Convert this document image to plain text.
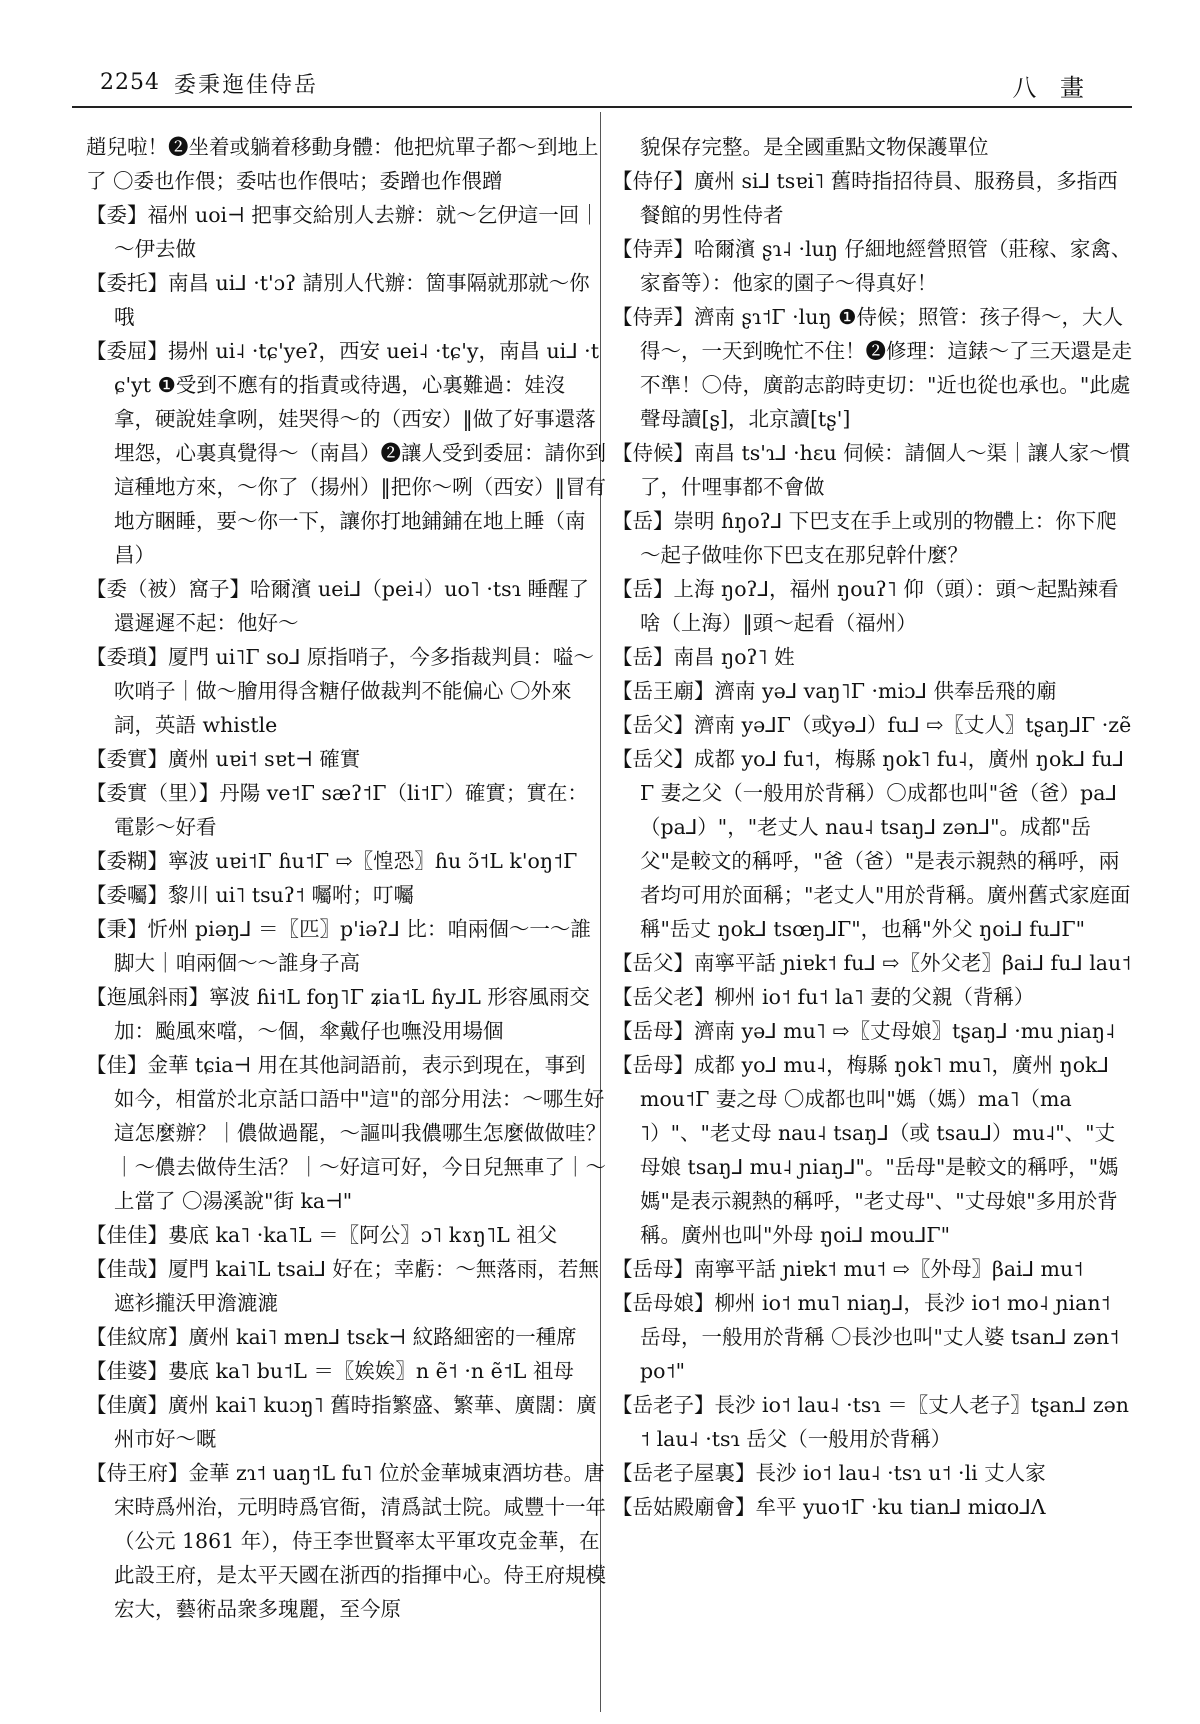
2254 委秉迤佳侍岳	八 畫

趙兒啦！❷坐着或躺着移動身體：他把炕單子都～到地上了 〇委也作偎；委咕也作偎咕；委蹭也作偎蹭

【委】福州 uoi⊣ 把事交給別人去辦：就～乞伊這一回｜～伊去做

【委托】南昌 ui⅃ ·t'ɔʔ 請別人代辦：箇事隔就那就～你哦

【委屈】揚州 ui˨ ·tɕ'yeʔ，西安 uei˨ ·tɕ'y，南昌 ui⅃ ·tɕ'yt ❶受到不應有的指責或待遇，心裏難過：娃沒拿，硬說娃拿咧，娃哭得～的（西安）‖做了好事還落埋怨，心裏真覺得～（南昌）❷讓人受到委屈：請你到這種地方來，～你了（揚州）‖把你～咧（西安）‖冒有地方睏睡，要～你一下，讓你打地鋪鋪在地上睡（南昌）

【委（被）窩子】哈爾濱 uei⅃（pei˨）uo˥ ·tsɿ 睡醒了還遲遲不起：他好～

【委瑣】厦門 ui˥Γ so⅃ 原指哨子，今多指裁判員：嗌～吹哨子｜做～膾用得含糖仔做裁判不能偏心 〇外來詞，英語 whistle

【委實】廣州 uɐi˦ sɐt⊣ 確實

【委實（里）】丹陽 ve˦Γ sæʔ˦Γ（li˦Γ）確實；實在：電影～好看

【委糊】寧波 uɐi˦Γ ɦu˦Γ ⇨〖惶恐〗ɦu ɔ̃˦L k'oŋ˦Γ

【委囑】黎川 ui˥ tsuʔ˦ 囑咐；叮囑

【秉】忻州 piəŋ⅃ ＝〖匹〗p'iəʔ⅃ 比：咱兩個～一～誰脚大｜咱兩個～～誰身子高

【迤風斜雨】寧波 ɦi˦L foŋ˥Γ ʑia˦L ɦy⅃L 形容風雨交加：颱風來噹，～個，傘戴仔也嘸没用場個

【佳】金華 tɕia⊣ 用在其他詞語前，表示到現在，事到如今，相當於北京話口語中"這"的部分用法：～哪生好這怎麼辦？｜儂做過罷，～謳叫我儂哪生怎麼做做哇？｜～儂去做侍生活？｜～好這可好，今日兒無車了｜～上當了 〇湯溪說"街 ka⊣"

【佳佳】婁底 ka˥ ·ka˥L ＝〖阿公〗ɔ˥ kɤŋ˥L 祖父

【佳哉】厦門 kai˥L tsai⅃ 好在；幸虧：～無落雨，若無遮衫攏沃甲澹漉漉

【佳紋席】廣州 kai˥ mɐn⅃ tsɛk⊣ 紋路細密的一種席

【佳婆】婁底 ka˥ bu˦L ＝〖娭娭〗n ẽ˦ ·n ẽ˦L 祖母

【佳廣】廣州 kai˥ kuɔŋ˥ 舊時指繁盛、繁華、廣闊：廣州市好～嘅

【侍王府】金華 zɿ˦ uaŋ˦L fu˥ 位於金華城東酒坊巷。唐宋時爲州治，元明時爲官衙，清爲試士院。咸豐十一年（公元 1861 年），侍王李世賢率太平軍攻克金華，在此設王府，是太平天國在浙西的指揮中心。侍王府規模宏大，藝術品衆多瑰麗，至今原

貌保存完整。是全國重點文物保護單位

【侍仔】廣州 si⅃ tsɐi˥ 舊時指招待員、服務員，多指西餐館的男性侍者

【侍弄】哈爾濱 ʂɿ˨ ·luŋ 仔細地經營照管（莊稼、家禽、家畜等）：他家的園子～得真好！

【侍弄】濟南 ʂɿ˦Γ ·luŋ ❶侍候；照管：孩子得～，大人得～，一天到晚忙不住！❷修理：這錶～了三天還是走不準！〇侍，廣韵志韵時吏切："近也從也承也。"此處聲母讀[ʂ]，北京讀[tʂ']

【侍候】南昌 ts'ɿ⅃ ·hɛu 伺候：請個人～渠｜讓人家～慣了，什哩事都不會做

【岳】崇明 ɦŋoʔ⅃ 下巴支在手上或別的物體上：你下爬～起子做哇你下巴支在那兒幹什麼？

【岳】上海 ŋoʔ⅃，福州 ŋouʔ˥ 仰（頭）：頭～起點辣看啥（上海）‖頭～起看（福州）

【岳】南昌 ŋoʔ˥ 姓

【岳王廟】濟南 yə⅃ vaŋ˥Γ ·miɔ⅃ 供奉岳飛的廟

【岳父】濟南 yə⅃Γ（或yə⅃）fu⅃ ⇨〖丈人〗tʂaŋ⅃Γ ·zẽ

【岳父】成都 yo⅃ fu˦，梅縣 ŋok˥ fu˨，廣州 ŋok⅃ fu⅃Γ 妻之父（一般用於背稱）〇成都也叫"爸（爸）pa⅃（pa⅃）"，"老丈人 nau˨ tsaŋ⅃ zən⅃"。成都"岳父"是較文的稱呼，"爸（爸）"是表示親熱的稱呼，兩者均可用於面稱；"老丈人"用於背稱。廣州舊式家庭面稱"岳丈 ŋok⅃ tsœŋ⅃Γ"，也稱"外父 ŋoi⅃ fu⅃Γ"

【岳父】南寧平話 ɲiɐk˦ fu⅃ ⇨〖外父老〗βai⅃ fu⅃ lau˦

【岳父老】柳州 io˦ fu˦ la˥ 妻的父親（背稱）

【岳母】濟南 yə⅃ mu˥ ⇨〖丈母娘〗tʂaŋ⅃ ·mu ɲiaŋ˨

【岳母】成都 yo⅃ mu˨，梅縣 ŋok˥ mu˥，廣州 ŋok⅃ mou˦Γ 妻之母 〇成都也叫"媽（媽）ma˥（ma˥）"、"老丈母 nau˨ tsaŋ⅃（或 tsau⅃）mu˨"、"丈母娘 tsaŋ⅃ mu˨ ɲiaŋ⅃"。"岳母"是較文的稱呼，"媽媽"是表示親熱的稱呼，"老丈母"、"丈母娘"多用於背稱。廣州也叫"外母 ŋoi⅃ mou⅃Γ"

【岳母】南寧平話 ɲiɐk˦ mu˦ ⇨〖外母〗βai⅃ mu˦

【岳母娘】柳州 io˦ mu˥ niaŋ⅃，長沙 io˦ mo˨ ɲian˦ 岳母，一般用於背稱 〇長沙也叫"丈人婆 tsan⅃ zən˦ po˦"

【岳老子】長沙 io˦ lau˨ ·tsɿ ＝〖丈人老子〗tʂan⅃ zən˦ lau˨ ·tsɿ 岳父（一般用於背稱）

【岳老子屋裏】長沙 io˦ lau˨ ·tsɿ u˦ ·li 丈人家

【岳姑殿廟會】牟平 yuo˦Γ ·ku tian⅃ miɑo⅃Λ
